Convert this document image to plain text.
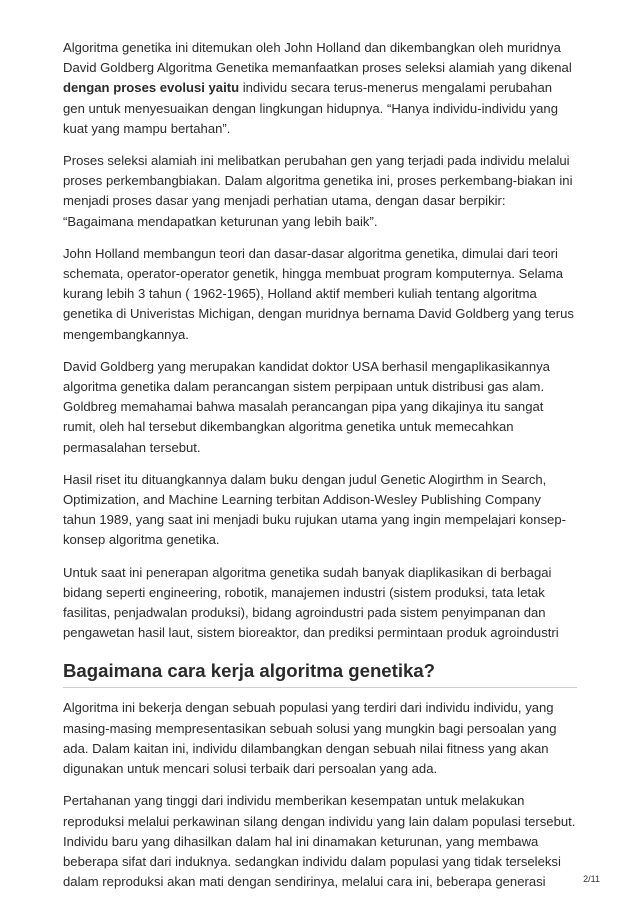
Algoritma genetika ini ditemukan oleh John Holland dan dikembangkan oleh muridnya David Goldberg Algoritma Genetika memanfaatkan proses seleksi alamiah yang dikenal dengan proses evolusi yaitu individu secara terus-menerus mengalami perubahan gen untuk menyesuaikan dengan lingkungan hidupnya. “Hanya individu-individu yang kuat yang mampu bertahan”.

Proses seleksi alamiah ini melibatkan perubahan gen yang terjadi pada individu melalui proses perkembangbiakan. Dalam algoritma genetika ini, proses perkembang-biakan ini menjadi proses dasar yang menjadi perhatian utama, dengan dasar berpikir: “Bagaimana mendapatkan keturunan yang lebih baik”.

John Holland membangun teori dan dasar-dasar algoritma genetika, dimulai dari teori schemata, operator-operator genetik, hingga membuat program komputernya. Selama kurang lebih 3 tahun ( 1962-1965), Holland aktif memberi kuliah tentang algoritma genetika di Univeristas Michigan, dengan muridnya bernama David Goldberg yang terus mengembangkannya.

David Goldberg yang merupakan kandidat doktor USA berhasil mengaplikasikannya algoritma genetika dalam perancangan sistem perpipaan untuk distribusi gas alam. Goldbreg memahamai bahwa masalah perancangan pipa yang dikajinya itu sangat rumit, oleh hal tersebut dikembangkan algoritma genetika untuk memecahkan permasalahan tersebut.

Hasil riset itu dituangkannya dalam buku dengan judul Genetic Alogirthm in Search, Optimization, and Machine Learning terbitan Addison-Wesley Publishing Company tahun 1989, yang saat ini menjadi buku rujukan utama yang ingin mempelajari konsep-konsep algoritma genetika.

Untuk saat ini penerapan algoritma genetika sudah banyak diaplikasikan di berbagai bidang seperti engineering, robotik, manajemen industri (sistem produksi, tata letak fasilitas, penjadwalan produksi), bidang agroindustri pada sistem penyimpanan dan pengawetan hasil laut, sistem bioreaktor, dan prediksi permintaan produk agroindustri

Bagaimana cara kerja algoritma genetika?

Algoritma ini bekerja dengan sebuah populasi yang terdiri dari individu individu, yang masing-masing mempresentasikan sebuah solusi yang mungkin bagi persoalan yang ada. Dalam kaitan ini, individu dilambangkan dengan sebuah nilai fitness yang akan digunakan untuk mencari solusi terbaik dari persoalan yang ada.

Pertahanan yang tinggi dari individu memberikan kesempatan untuk melakukan reproduksi melalui perkawinan silang dengan individu yang lain dalam populasi tersebut. Individu baru yang dihasilkan dalam hal ini dinamakan keturunan, yang membawa beberapa sifat dari induknya. sedangkan individu dalam populasi yang tidak terseleksi dalam reproduksi akan mati dengan sendirinya, melalui cara ini, beberapa generasi	2/11
